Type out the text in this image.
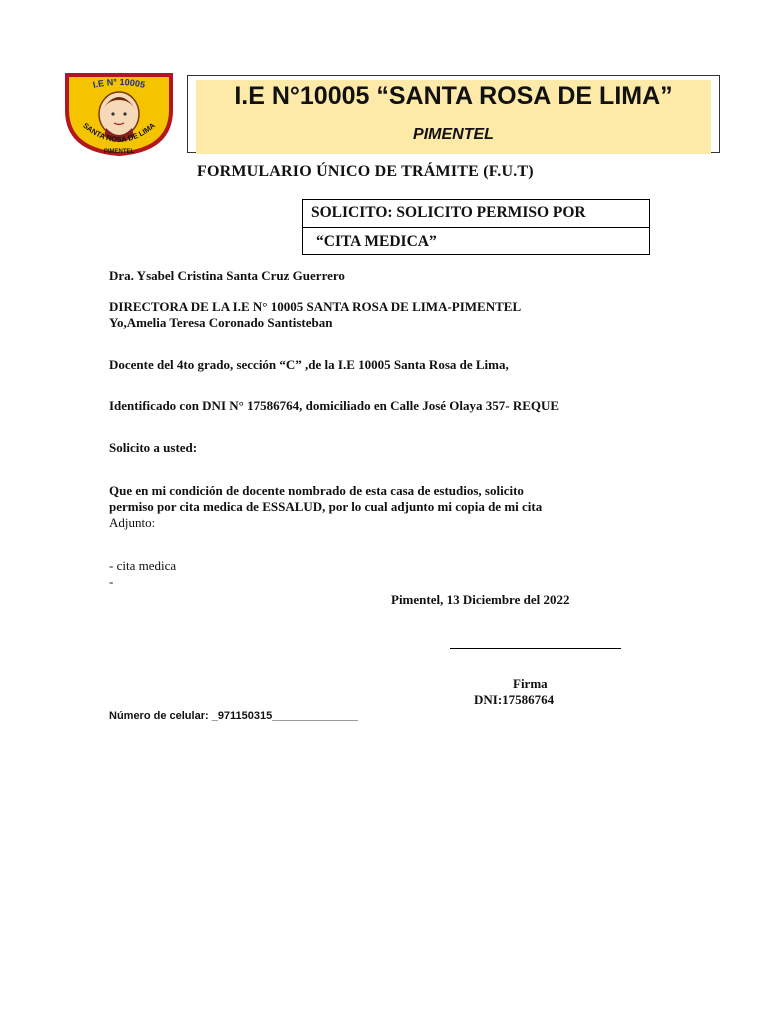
I.E N° 10005
SANTA ROSA DE LIMA
PIMENTEL
I.E N°10005 “SANTA ROSA DE LIMA”
PIMENTEL
FORMULARIO ÚNICO DE TRÁMITE (F.U.T)
SOLICITO: SOLICITO PERMISO POR
“CITA MEDICA”
Dra. Ysabel Cristina Santa Cruz Guerrero
DIRECTORA DE LA I.E N° 10005 SANTA ROSA DE LIMA-PIMENTEL
Yo,Amelia Teresa Coronado Santisteban
Docente del 4to grado, sección “C” ,de la I.E 10005 Santa Rosa de Lima,
Identificado con DNI N° 17586764, domiciliado en Calle José Olaya 357- REQUE
Solicito a usted:
Que en mi condición de docente nombrado de esta casa de estudios, solicito
permiso por cita medica de ESSALUD, por lo cual adjunto mi copia de mi cita
Adjunto:
- cita medica
-
Pimentel, 13 Diciembre del 2022
Firma
DNI:17586764
Número de celular: _971150315______________
